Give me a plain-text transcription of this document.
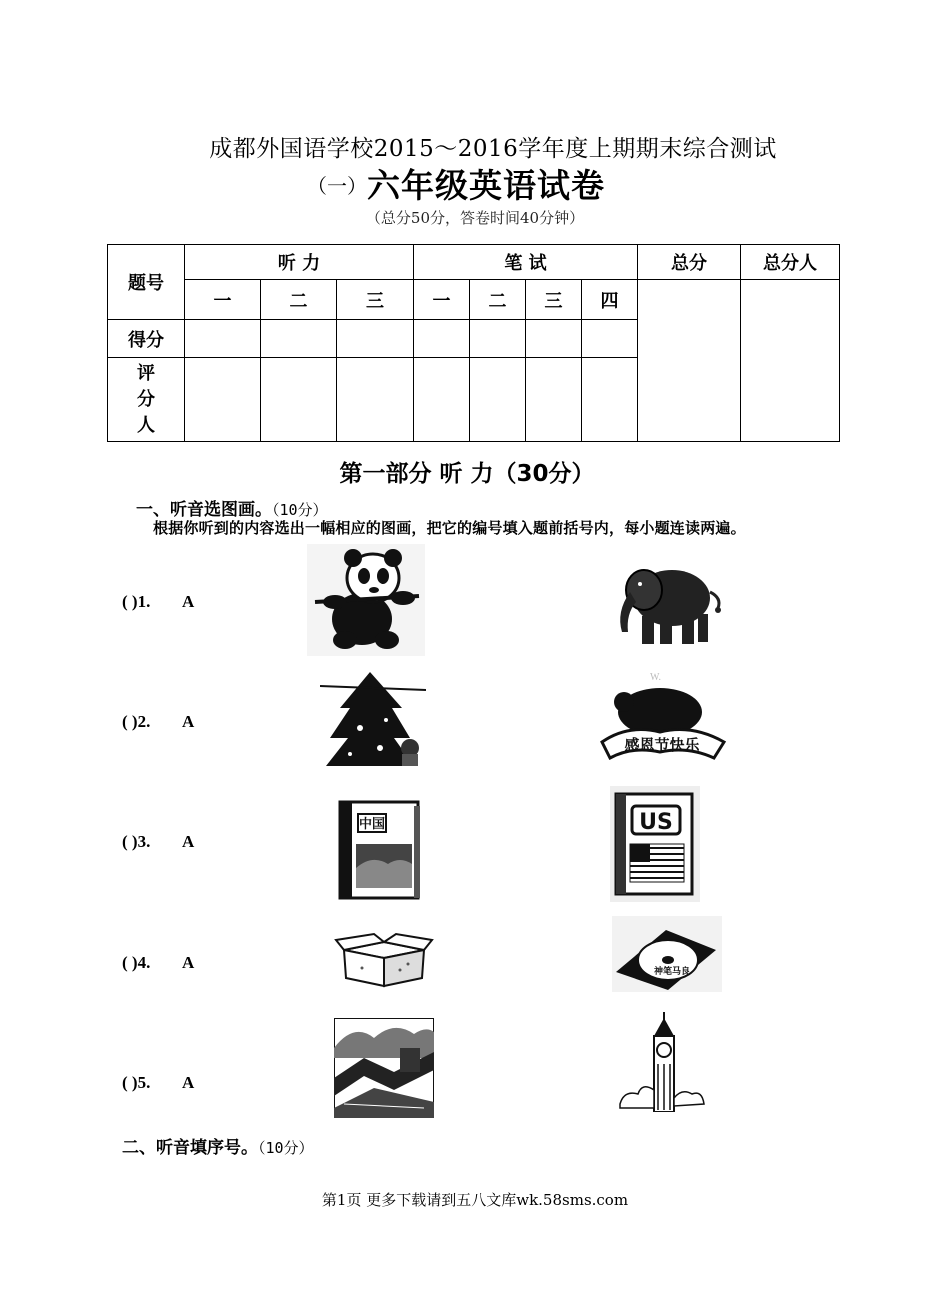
成都外国语学校2015～2016学年度上期期末综合测试
（一）六年级英语试卷
（总分50分，答卷时间40分钟）
题号	听 力			笔 试				总分	总分人
	一	二	三	一	二	三	四		
得分									

评
分
人									

第一部分 听 力（30分）
一、听音选图画。（10分）
根据你听到的内容选出一幅相应的图画，把它的编号填入题前括号内，每小题连读两遍。
( )1. A
( )2. A
( )3. A
( )4. A
( )5. A
W.
感恩节快乐
中国	US
神笔马良
二、听音填序号。（10分）
第1页 更多下载请到五八文库wk.58sms.com
